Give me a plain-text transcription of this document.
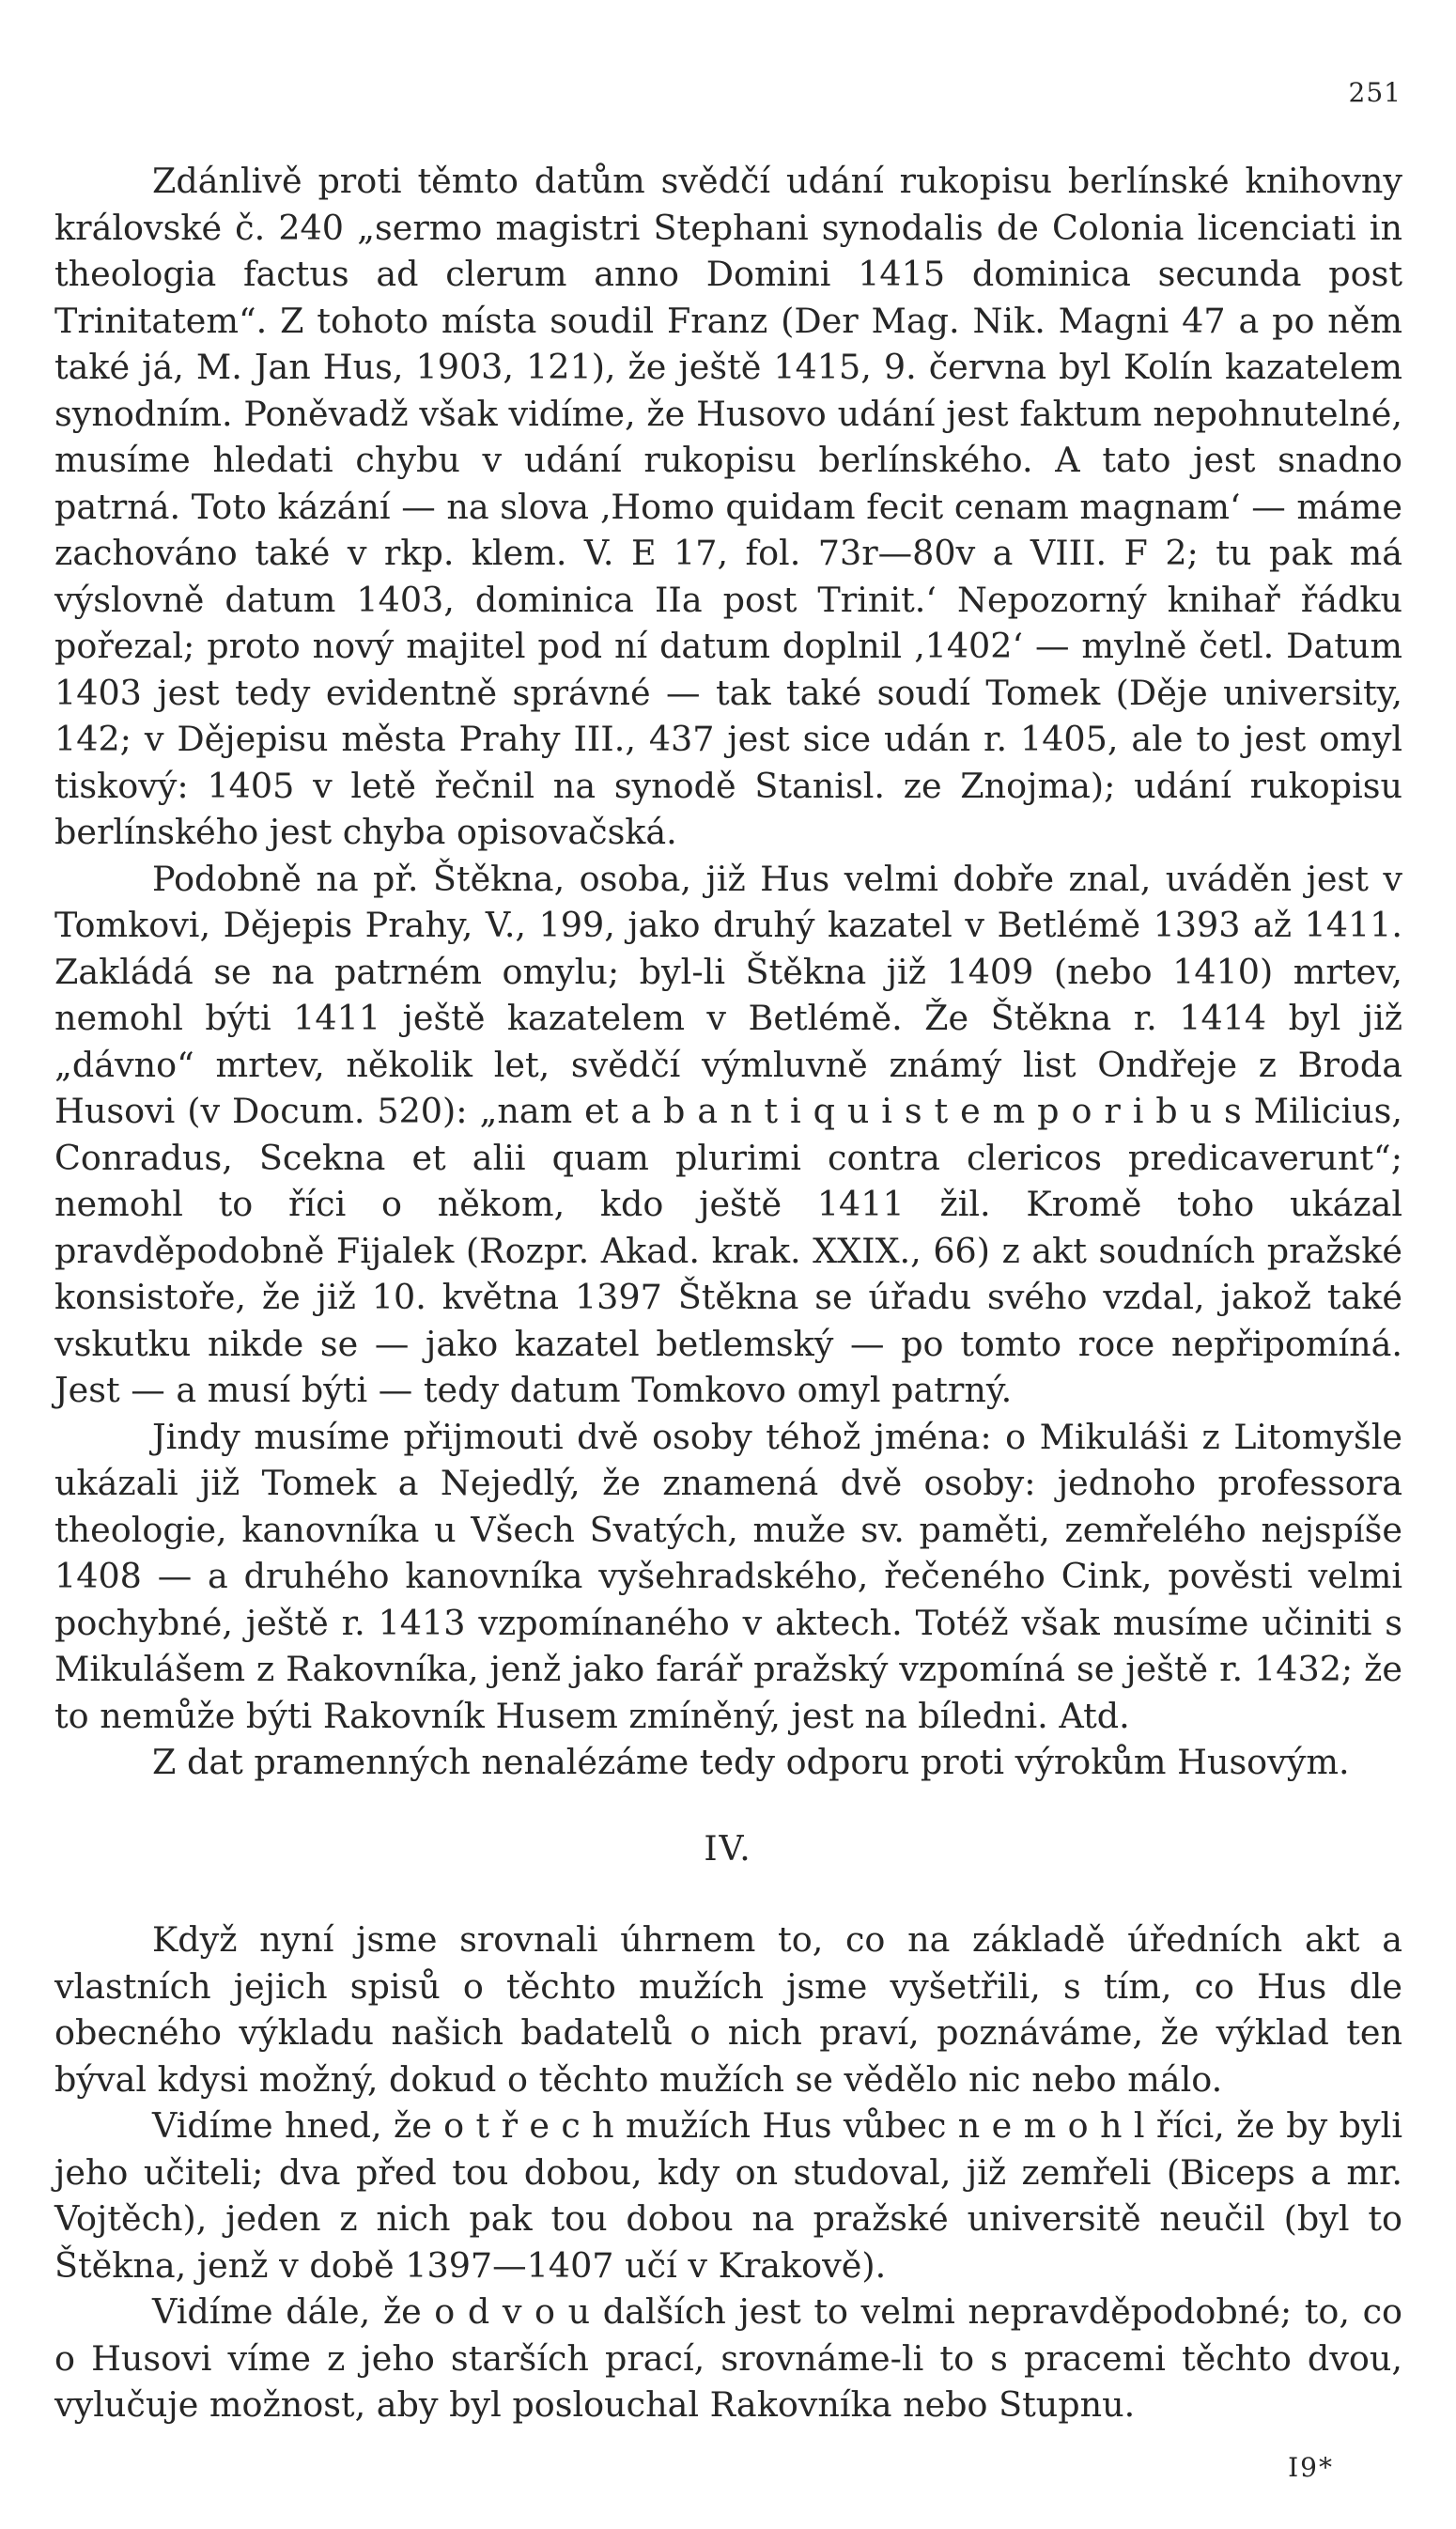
251

Zdánlivě proti těmto datům svědčí udání rukopisu berlínské knihovny královské č. 240 „sermo magistri Stephani synodalis de Colonia licenciati in theologia factus ad clerum anno Domini 1415 dominica secunda post Trinitatem“. Z tohoto místa soudil Franz (Der Mag. Nik. Magni 47 a po něm také já, M. Jan Hus, 1903, 121), že ještě 1415, 9. června byl Kolín kazatelem synodním. Poněvadž však vidíme, že Husovo udání jest faktum nepohnutelné, musíme hledati chybu v udání rukopisu berlínského. A tato jest snadno patrná. Toto kázání — na slova ‚Homo quidam fecit cenam magnam‘ — máme zachováno také v rkp. klem. V. E 17, fol. 73r—80v a VIII. F 2; tu pak má výslovně datum 1403, dominica IIa post Trinit.‘ Nepozorný knihař řádku pořezal; proto nový majitel pod ní datum doplnil ‚1402‘ — mylně četl. Datum 1403 jest tedy evidentně správné — tak také soudí Tomek (Děje university, 142; v Dějepisu města Prahy III., 437 jest sice udán r. 1405, ale to jest omyl tiskový: 1405 v letě řečnil na synodě Stanisl. ze Znojma); udání rukopisu berlínského jest chyba opisovačská.

Podobně na př. Štěkna, osoba, již Hus velmi dobře znal, uváděn jest v Tomkovi, Dějepis Prahy, V., 199, jako druhý kazatel v Betlémě 1393 až 1411. Zakládá se na patrném omylu; byl-li Štěkna již 1409 (nebo 1410) mrtev, nemohl býti 1411 ještě kazatelem v Betlémě. Že Štěkna r. 1414 byl již „dávno“ mrtev, několik let, svědčí výmluvně známý list Ondřeje z Broda Husovi (v Docum. 520): „nam et a b a n t i q u i s t e m p o r i b u s Milicius, Conradus, Scekna et alii quam plurimi contra clericos predicaverunt“; nemohl to říci o někom, kdo ještě 1411 žil. Kromě toho ukázal pravděpodobně Fijalek (Rozpr. Akad. krak. XXIX., 66) z akt soudních pražské konsistoře, že již 10. května 1397 Štěkna se úřadu svého vzdal, jakož také vskutku nikde se — jako kazatel betlemský — po tomto roce nepřipomíná. Jest — a musí býti — tedy datum Tomkovo omyl patrný.

Jindy musíme přijmouti dvě osoby téhož jména: o Mikuláši z Litomyšle ukázali již Tomek a Nejedlý, že znamená dvě osoby: jednoho professora theologie, kanovníka u Všech Svatých, muže sv. paměti, zemřelého nejspíše 1408 — a druhého kanovníka vyšehradského, řečeného Cink, pověsti velmi pochybné, ještě r. 1413 vzpomínaného v aktech. Totéž však musíme učiniti s Mikulášem z Rakovníka, jenž jako farář pražský vzpomíná se ještě r. 1432; že to nemůže býti Rakovník Husem zmíněný, jest na bíledni. Atd.

Z dat pramenných nenalézáme tedy odporu proti výrokům Husovým.

IV.

Když nyní jsme srovnali úhrnem to, co na základě úředních akt a vlastních jejich spisů o těchto mužích jsme vyšetřili, s tím, co Hus dle obecného výkladu našich badatelů o nich praví, poznáváme, že výklad ten býval kdysi možný, dokud o těchto mužích se vědělo nic nebo málo.

Vidíme hned, že o t ř e c h mužích Hus vůbec n e m o h l říci, že by byli jeho učiteli; dva před tou dobou, kdy on studoval, již zemřeli (Biceps a mr. Vojtěch), jeden z nich pak tou dobou na pražské universitě neučil (byl to Štěkna, jenž v době 1397—1407 učí v Krakově).

Vidíme dále, že o d v o u dalších jest to velmi nepravděpodobné; to, co o Husovi víme z jeho starších prací, srovnáme-li to s pracemi těchto dvou, vylučuje možnost, aby byl poslouchal Rakovníka nebo Stupnu.

I9*
